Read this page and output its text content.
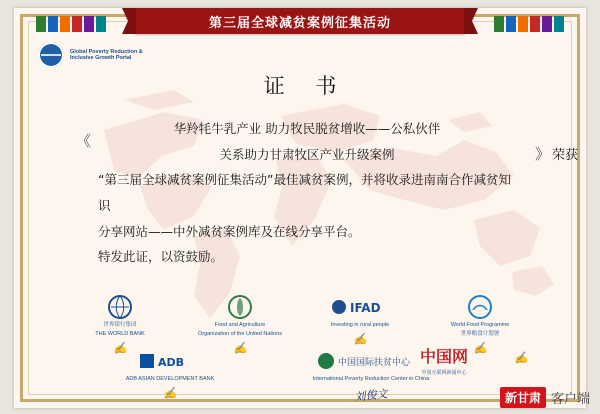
第三届全球减贫案例征集活动
Global Poverty Reduction &
Inclusive Growth Portal
证 书
《
华羚牦牛乳产业 助力牧民脱贫增收——公私伙伴
关系助力甘肃牧区产业升级案例	》 荣获
“第三届全球减贫案例征集活动”最佳减贫案例，并将收录进南南合作减贫知识
分享网站——中外减贫案例库及在线分享平台。
特发此证，以资鼓励。
世界银行集团
THE WORLD BANK
✍
Food and Agriculture
Organization of the United Nations
✍
IFAD
Investing in rural people
✍
World Food Programme
世界粮食计划署
✍
ADB
ADB ASIAN DEVELOPMENT BANK
✍
中国国际扶贫中心
International Poverty Reduction Center in China
刘俊文
中国网
中国互联网新闻中心
✍
新甘肃 客户端
